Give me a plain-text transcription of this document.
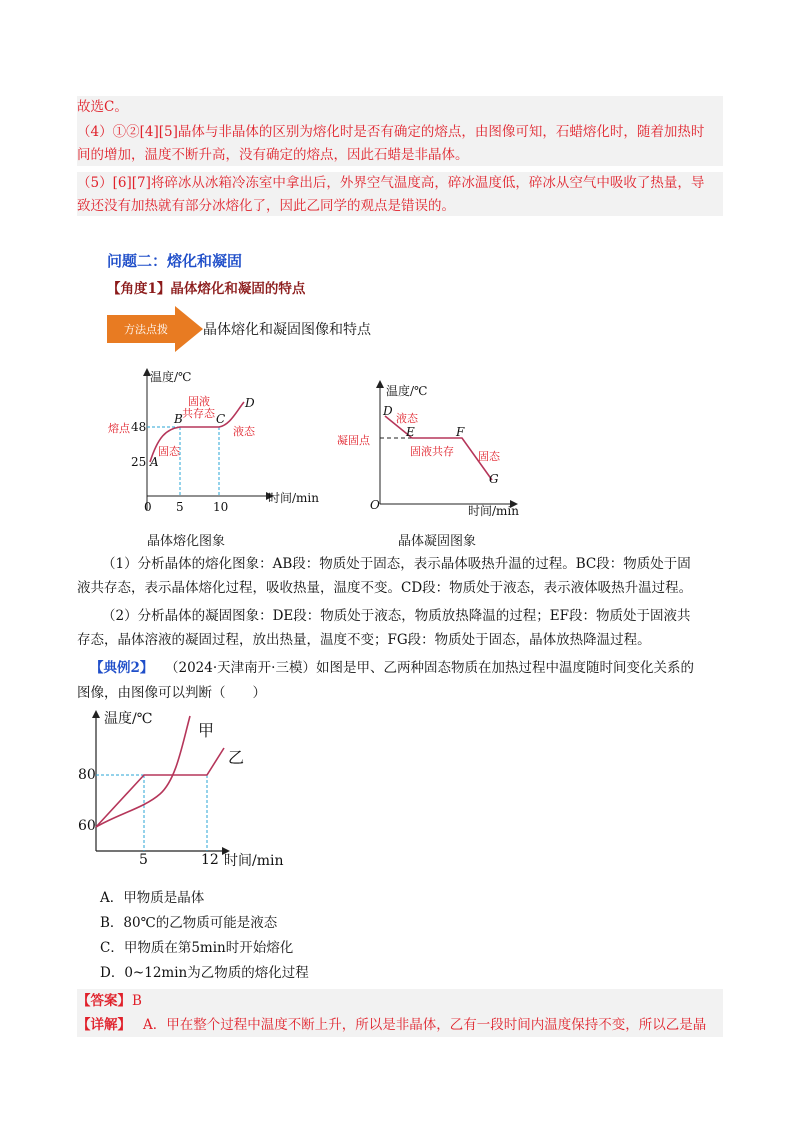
故选C。
（4）①②[4][5]晶体与非晶体的区别为熔化时是否有确定的熔点，由图像可知，石蜡熔化时，随着加热时
间的增加，温度不断升高，没有确定的熔点，因此石蜡是非晶体。
（5）[6][7]将碎冰从冰箱冷冻室中拿出后，外界空气温度高，碎冰温度低，碎冰从空气中吸收了热量，导
致还没有加热就有部分冰熔化了，因此乙同学的观点是错误的。
问题二：熔化和凝固
【角度1】晶体熔化和凝固的特点
方法点拨	晶体熔化和凝固图像和特点
温度/℃
时间/min
0 5 10
48
25
熔点
A
B	C
D
固态
固液
共存态
液态
晶体熔化图象
温度/℃
时间/min
O
凝固点
D
E	F
G
液态
固液共存 固态
晶体凝固图象
（1）分析晶体的熔化图象：AB段：物质处于固态，表示晶体吸热升温的过程。BC段：物质处于固
液共存态，表示晶体熔化过程，吸收热量，温度不变。CD段：物质处于液态，表示液体吸热升温过程。
（2）分析晶体的凝固图象：DE段：物质处于液态，物质放热降温的过程；EF段：物质处于固液共
存态，晶体溶液的凝固过程，放出热量，温度不变；FG段：物质处于固态，晶体放热降温过程。
【典例2】 （2024·天津南开·三模）如图是甲、乙两种固态物质在加热过程中温度随时间变化关系的
图像，由图像可以判断（　　）
温度/℃
时间/min
80
60
5	12
甲
乙
A．甲物质是晶体
B．80℃的乙物质可能是液态
C．甲物质在第5min时开始熔化
D．0~12min为乙物质的熔化过程
【答案】 B
【详解】 A．甲在整个过程中温度不断上升，所以是非晶体，乙有一段时间内温度保持不变，所以乙是晶
